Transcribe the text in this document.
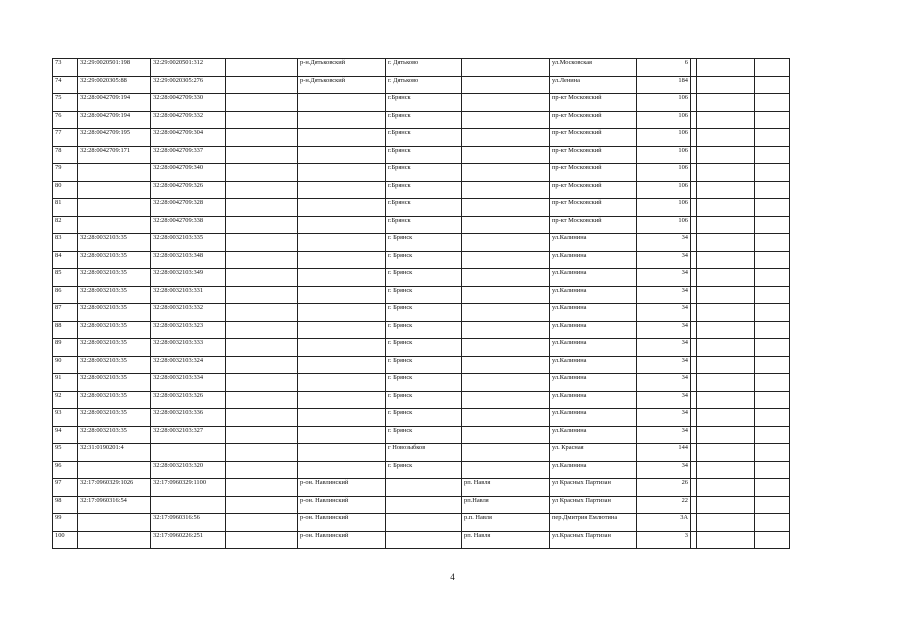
73	32:29:0020501:198	32:29:0020501:312		р-н.Дятьковский	г. Дятьково		ул.Московская	6			
74	32:29:0020305:88	32:29:0020305:276		р-н.Дятьковский	г. Дятьково		ул.Ленина	184			
75	32:28:0042709:194	32:28:0042709:330			г.Брянск		пр-кт Московский	106			
76	32:28:0042709:194	32:28:0042709:332			г.Брянск		пр-кт Московский	106			
77	32:28:0042709:195	32:28:0042709:304			г.Брянск		пр-кт Московский	106			
78	32:28:0042709:171	32:28:0042709:337			г.Брянск		пр-кт Московский	106			
79		32:28:0042709:340			г.Брянск		пр-кт Московский	106			
80		32:28:0042709:326			г.Брянск		пр-кт Московский	106			
81		32:28:0042709:328			г.Брянск		пр-кт Московский	106			
82		32:28:0042709:338			г.Брянск		пр-кт Московский	106			
83	32:28:0032103:35	32:28:0032103:335			г. Брянск		ул.Калинина	34			
84	32:28:0032103:35	32:28:0032103:348			г. Брянск		ул.Калинина	34			
85	32:28:0032103:35	32:28:0032103:349			г. Брянск		ул.Калинина	34			
86	32:28:0032103:35	32:28:0032103:331			г. Брянск		ул.Калинина	34			
87	32:28:0032103:35	32:28:0032103:332			г. Брянск		ул.Калинина	34			
88	32:28:0032103:35	32:28:0032103:323			г. Брянск		ул.Калинина	34			
89	32:28:0032103:35	32:28:0032103:333			г. Брянск		ул.Калинина	34			
90	32:28:0032103:35	32:28:0032103:324			г. Брянск		ул.Калинина	34			
91	32:28:0032103:35	32:28:0032103:334			г. Брянск		ул.Калинина	34			
92	32:28:0032103:35	32:28:0032103:326			г. Брянск		ул.Калинина	34			
93	32:28:0032103:35	32:28:0032103:336			г. Брянск		ул.Калинина	34			
94	32:28:0032103:35	32:28:0032103:327			г. Брянск		ул.Калинина	34			
95	32:31:0190201:4				г Новозыбков		ул. Красная	144			
96		32:28:0032103:320			г. Брянск		ул.Калинина	34			
97	32:17:0960329:1026	32:17:0960329:1100		р-он. Навлинский		рп. Навля	ул Красных Партизан	26			
98	32:17:0960316:54			р-он. Навлинский		рп.Навля	ул Красных Партизан	22			
99		32:17:0960316:56		р-он. Навлинский		р.п. Навля	пер.Дмитрия Емлютина	3А			
100		32:17:0960226:251		р-он. Навлинский		рп. Навля	ул.Красных Партизан	3			
4
